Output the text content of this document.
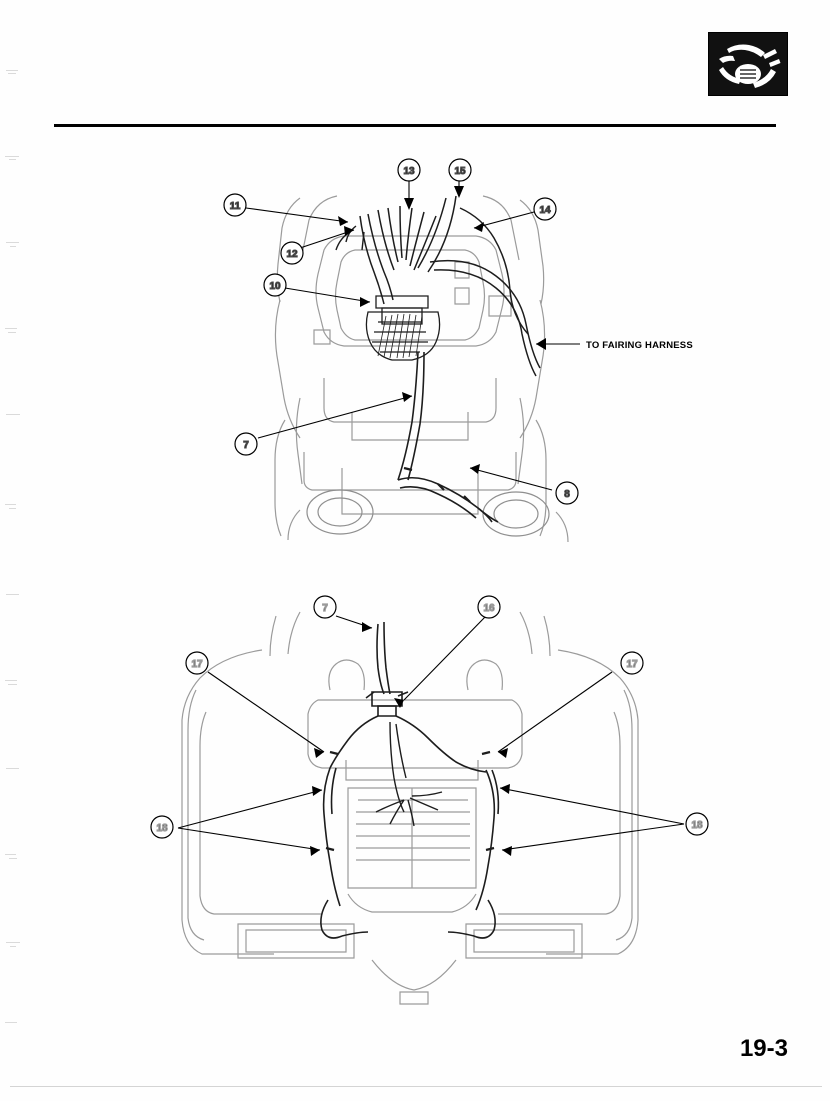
11
12
13	15
14
10
7
8
7	16
17	17
18	18
TO FAIRING HARNESS
19-3
